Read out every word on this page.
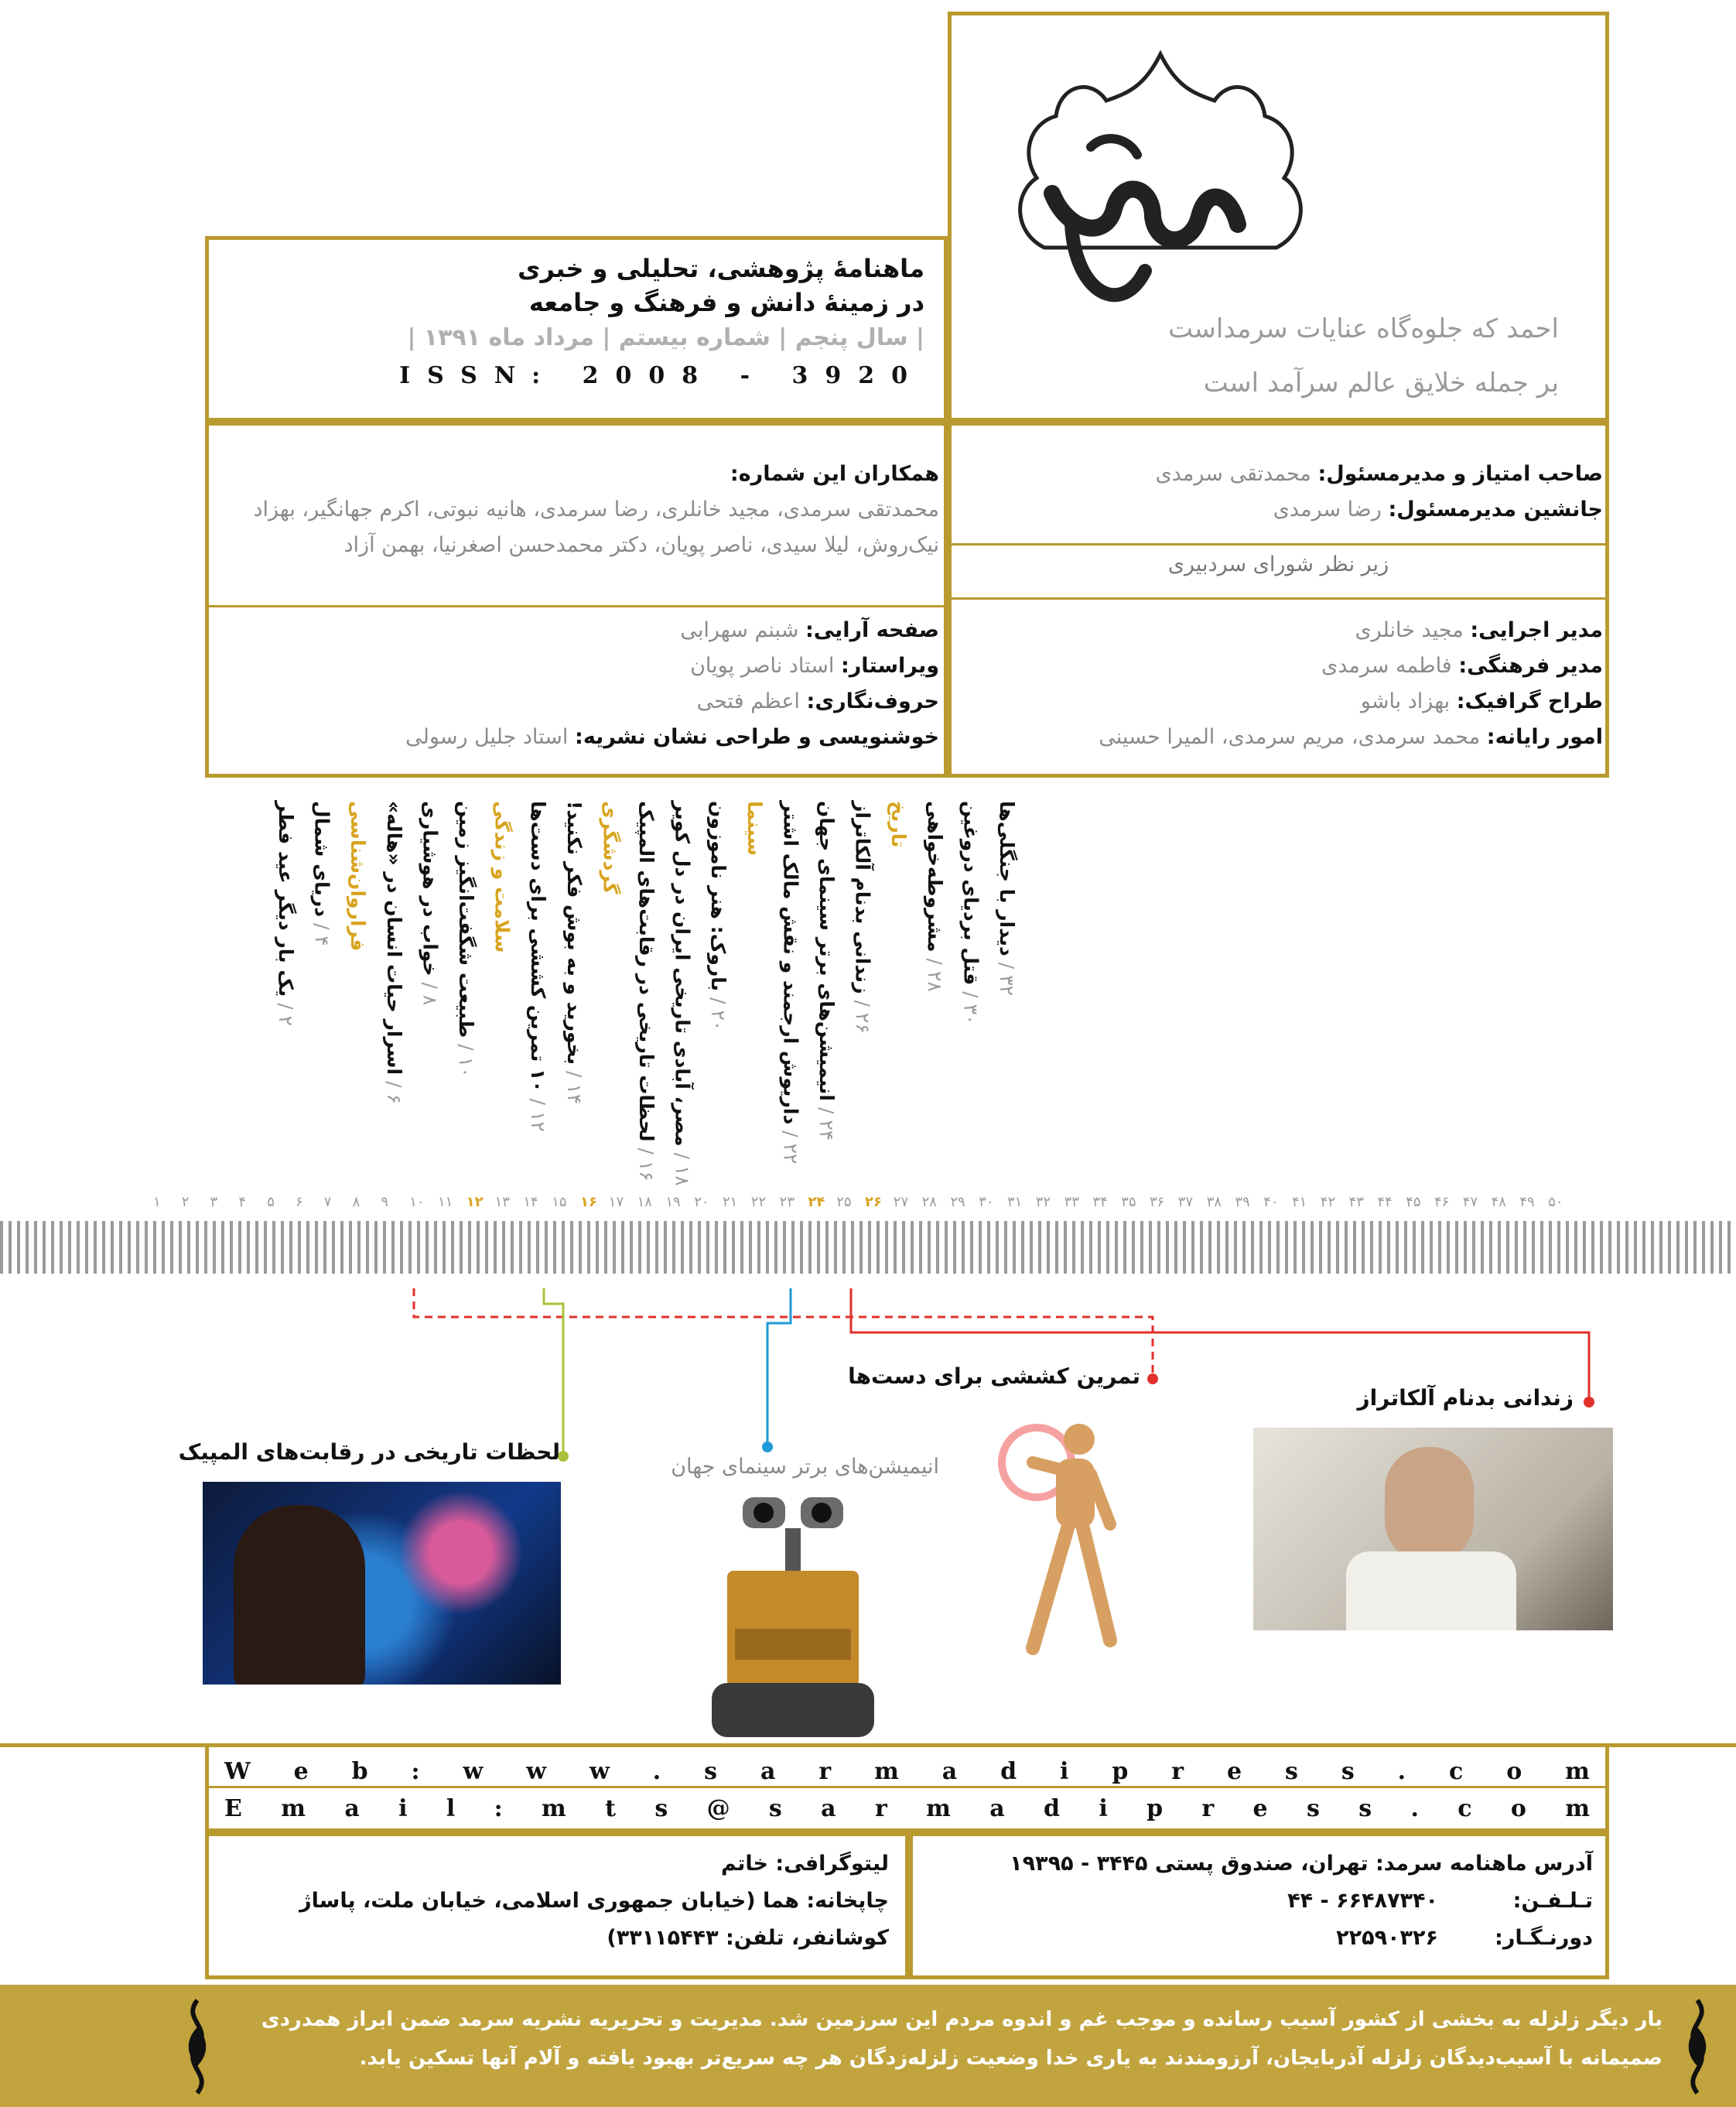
احمد که جلوه‌گاه عنایات سرمداست
بر جمله خلایق عالم سرآمد است
ماهنامهٔ پژوهشی، تحلیلی و خبری
در زمینهٔ دانش و فرهنگ و جامعه
| سال پنجم | شماره بیستم | مرداد ماه ۱۳۹۱ |
ISSN: 2008 - 3920
صاحب امتیاز و مدیرمسئول: محمدتقی سرمدی
جانشین مدیرمسئول: رضا سرمدی
زیر نظر شورای سردبیری
مدیر اجرایی: مجید خانلری
مدیر فرهنگی: فاطمه سرمدی
طراح گرافیک: بهزاد باشو
امور رایانه: محمد سرمدی، مریم سرمدی، المیرا حسینی
همکاران این شماره:
محمدتقی سرمدی، مجید خانلری، رضا سرمدی، هانیه نبوتی، اکرم جهانگیر، بهزاد نیک‌روش، لیلا سیدی، ناصر پویان، دکتر محمدحسن اصغرنیا، بهمن آزاد
صفحه آرایی: شبنم سهرابی
ویراستار: استاد ناصر پویان
حروف‌نگاری: اعظم فتحی
خوشنویسی و طراحی نشان نشریه: استاد جلیل رسولی
۲ / یک بار دیگر عید فطر ۴ / دریای شمال فراروان‌شناسی
۶ / اسرار حیات انسان در «هاله» ۸ / خواب در هوشیاری
۱۰ / طبیعت شگفت‌انگیز زمین سلامت و زندگی
۱۲ / ۱۰ تمرین کششی برای دست‌ها ۱۴ / بخورید و به بوش فکر نکنید! گردشگری
۱۶ / لحظات تاریخی در رقابت‌های المپیک
۱۸ / مصر، آبادی تاریخی ایران در دل کویر ۲۰ / باروک: هنر ناموزون سینما
۲۲ / داریوش ارجمند و نقش مالک اشتر ۲۴ / انیمیشن‌های برتر سینمای جهان ۲۶ / زندانی بدنام آلکاتراز تاریخ
۲۸ / مشروطه‌خواهی
۳۰ / قتل بردیای دروغین ۳۲ / دیدار با جنگلی‌ها
۱ ۲ ۳ ۴ ۵ ۶ ۷ ۸ ۹ ۱۰ ۱۱ ۱۲ ۱۳ ۱۴ ۱۵ ۱۶ ۱۷ ۱۸ ۱۹ ۲۰ ۲۱ ۲۲ ۲۳ ۲۴ ۲۵ ۲۶ ۲۷ ۲۸ ۲۹ ۳۰ ۳۱ ۳۲ ۳۳ ۳۴ ۳۵ ۳۶ ۳۷ ۳۸ ۳۹ ۴۰ ۴۱ ۴۲ ۴۳ ۴۴ ۴۵ ۴۶ ۴۷ ۴۸ ۴۹ ۵۰
لحظات تاریخی در رقابت‌های المپیک
انیمیشن‌های برتر سینمای جهان
تمرین کششی برای دست‌ها
زندانی بدنام آلکاتراز
W e b : w w w . s a r m a d i p r e s s . c o m
E m a i l : m t s @ s a r m a d i p r e s s . c o m
آدرس ماهنامه سرمد: تهران، صندوق پستی ۳۴۴۵ - ۱۹۳۹۵
تـلـفـن:۶۶۴۸۷۳۴۰ - ۴۴
دورنـگـار:۲۲۵۹۰۳۲۶
لیتوگرافی: خاتم
چاپخانه: هما (خیابان جمهوری اسلامی، خیابان ملت، پاساژ
کوشانفر، تلفن: ۳۳۱۱۵۴۴۳)
بار دیگر زلزله به بخشی از کشور آسیب رسانده و موجب غم و اندوه مردم این سرزمین شد. مدیریت و تحریریه نشریه سرمد ضمن ابراز همدردی
صمیمانه با آسیب‌دیدگان زلزله آذربایجان، آرزومندند به یاری خدا وضعیت زلزله‌زدگان هر چه سریع‌تر بهبود یافته و آلام آنها تسکین یابد.
